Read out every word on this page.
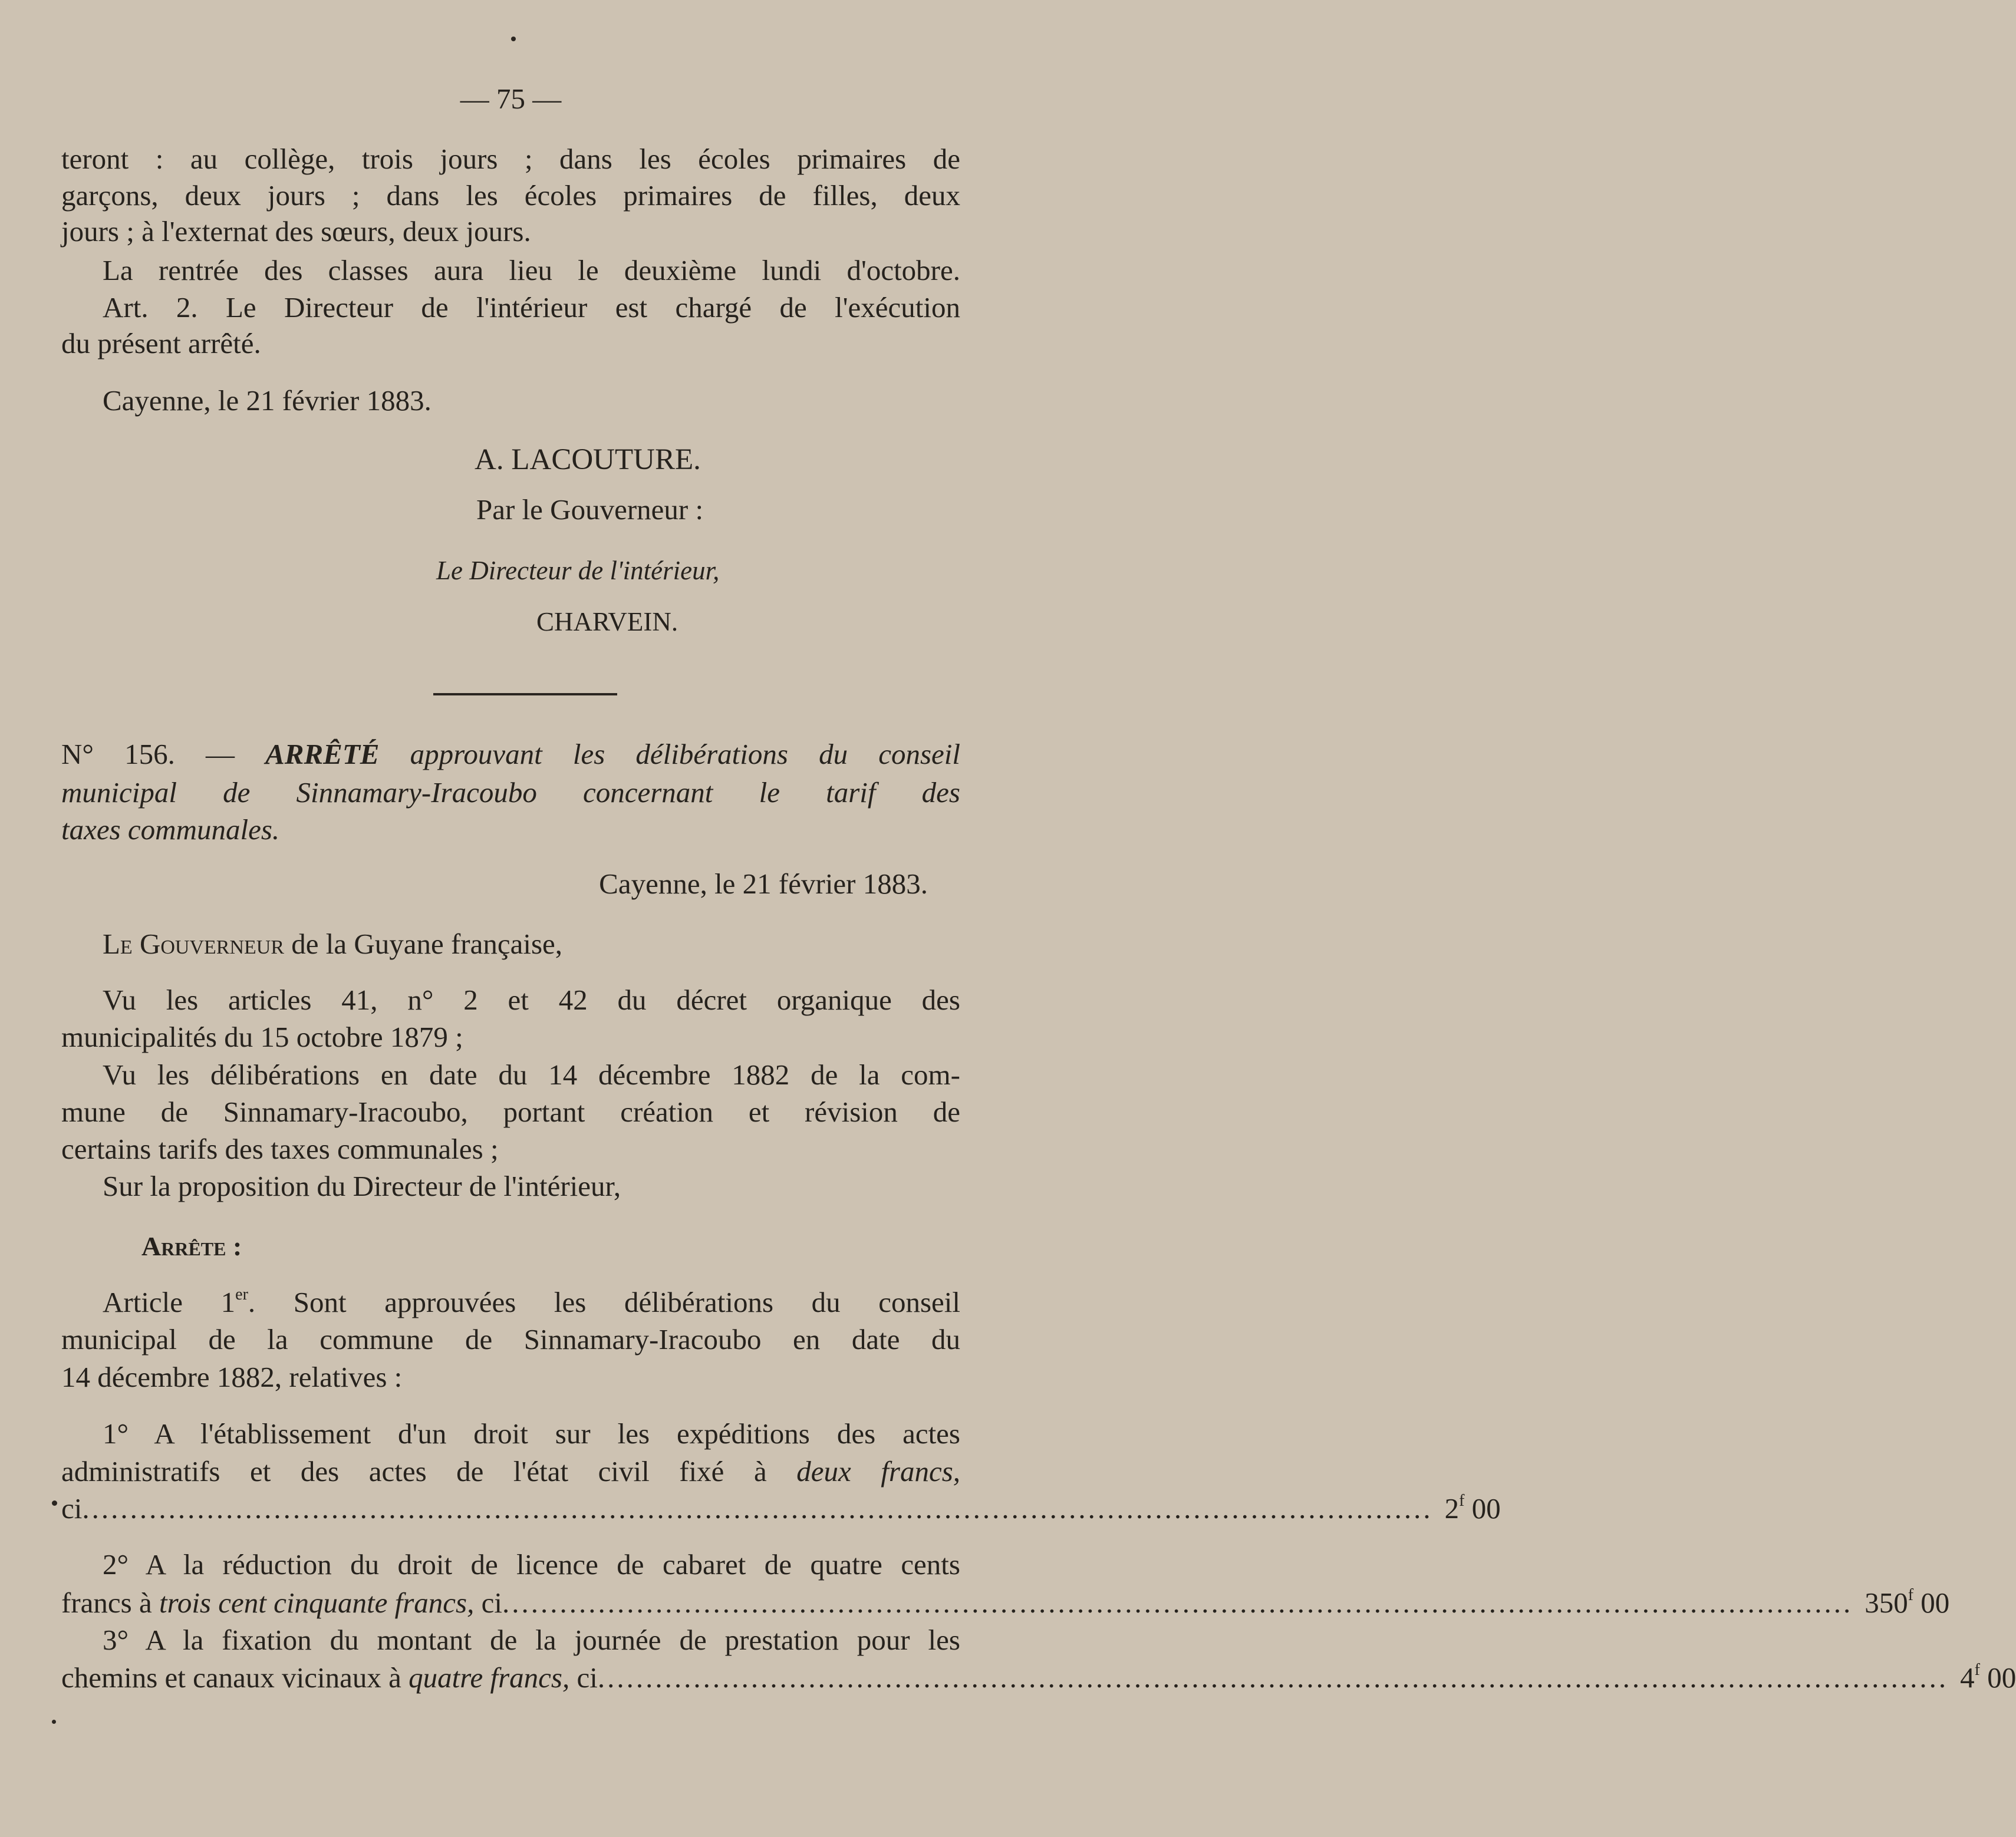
— 75 —
teront : au collège, trois jours ; dans les écoles primaires de
garçons, deux jours ; dans les écoles primaires de filles, deux
jours ; à l'externat des sœurs, deux jours.
La rentrée des classes aura lieu le deuxième lundi d'octobre.
Art. 2. Le Directeur de l'intérieur est chargé de l'exécution
du présent arrêté.
Cayenne, le 21 février 1883.
A. LACOUTURE.
Par le Gouverneur :
Le Directeur de l'intérieur,
CHARVEIN.
N° 156. — ARRÊTÉ approuvant les délibérations du conseil
municipal de Sinnamary-Iracoubo concernant le tarif des
taxes communales.
Cayenne, le 21 février 1883.
Le Gouverneur de la Guyane française,
Vu les articles 41, n° 2 et 42 du décret organique des
municipalités du 15 octobre 1879 ;
Vu les délibérations en date du 14 décembre 1882 de la com-
mune de Sinnamary-Iracoubo, portant création et révision de
certains tarifs des taxes communales ;
Sur la proposition du Directeur de l'intérieur,
Arrête :
Article 1er. Sont approuvées les délibérations du conseil
municipal de la commune de Sinnamary-Iracoubo en date du
14 décembre 1882, relatives :
1° A l'établissement d'un droit sur les expéditions des actes
administratifs et des actes de l'état civil fixé à deux francs,
ci ............................................................................................................................................. 2$^f$ 00
2° A la réduction du droit de licence de cabaret de quatre cents
francs à trois cent cinquante francs, ci ............................................................................................................................................. 350$^f$ 00
3° A la fixation du montant de la journée de prestation pour les
chemins et canaux vicinaux à quatre francs, ci ............................................................................................................................................. 4$^f$ 00
